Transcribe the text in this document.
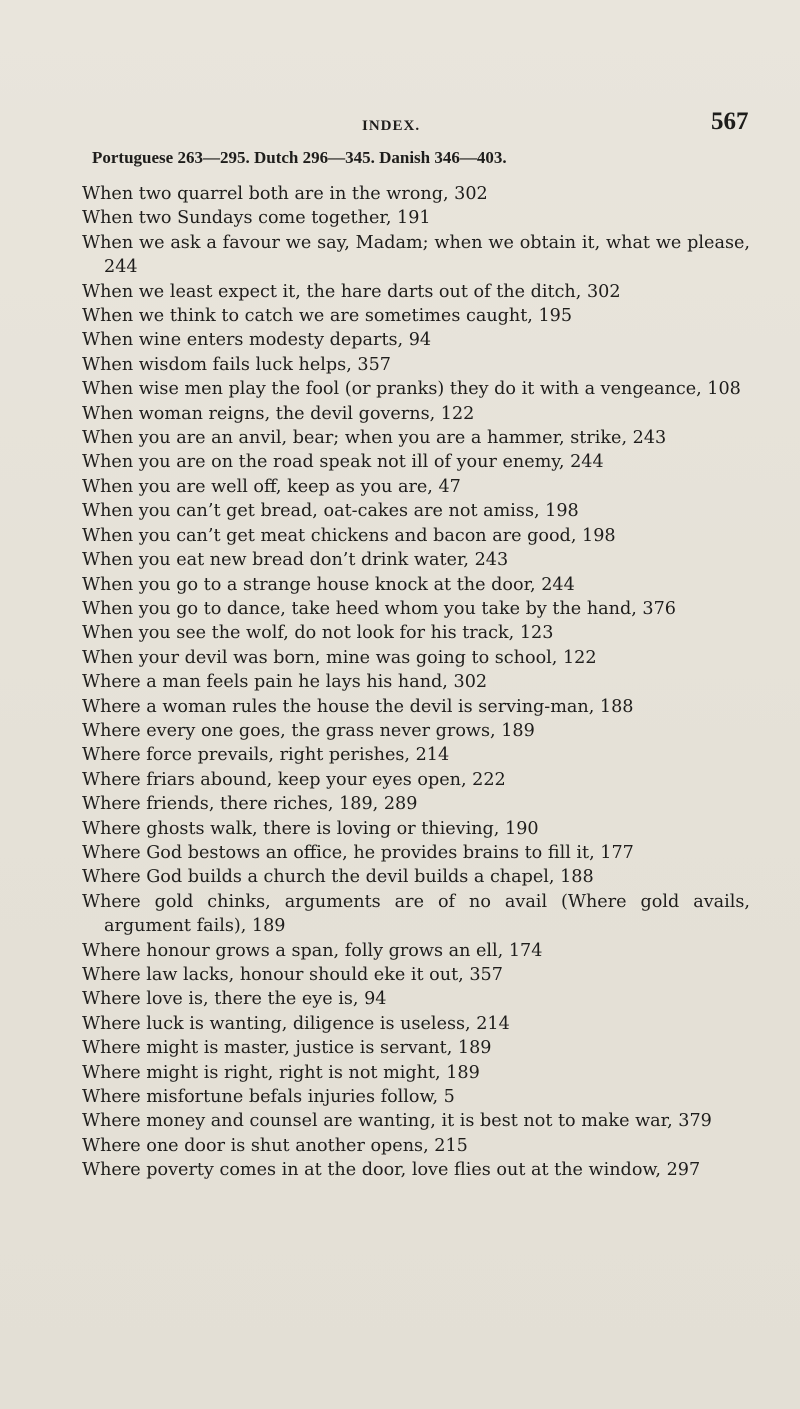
INDEX.	567
Portuguese 263—295. Dutch 296—345. Danish 346—403.
When two quarrel both are in the wrong, 302
When two Sundays come together, 191
When we ask a favour we say, Madam; when we obtain it, what we please, 244
When we least expect it, the hare darts out of the ditch, 302
When we think to catch we are sometimes caught, 195
When wine enters modesty departs, 94
When wisdom fails luck helps, 357
When wise men play the fool (or pranks) they do it with a vengeance, 108
When woman reigns, the devil governs, 122
When you are an anvil, bear; when you are a hammer, strike, 243
When you are on the road speak not ill of your enemy, 244
When you are well off, keep as you are, 47
When you can’t get bread, oat-cakes are not amiss, 198
When you can’t get meat chickens and bacon are good, 198
When you eat new bread don’t drink water, 243
When you go to a strange house knock at the door, 244
When you go to dance, take heed whom you take by the hand, 376
When you see the wolf, do not look for his track, 123
When your devil was born, mine was going to school, 122
Where a man feels pain he lays his hand, 302
Where a woman rules the house the devil is serving-man, 188
Where every one goes, the grass never grows, 189
Where force prevails, right perishes, 214
Where friars abound, keep your eyes open, 222
Where friends, there riches, 189, 289
Where ghosts walk, there is loving or thieving, 190
Where God bestows an office, he provides brains to fill it, 177
Where God builds a church the devil builds a chapel, 188
Where gold chinks, arguments are of no avail (Where gold avails, argument fails), 189
Where honour grows a span, folly grows an ell, 174
Where law lacks, honour should eke it out, 357
Where love is, there the eye is, 94
Where luck is wanting, diligence is useless, 214
Where might is master, justice is servant, 189
Where might is right, right is not might, 189
Where misfortune befals injuries follow, 5
Where money and counsel are wanting, it is best not to make war, 379
Where one door is shut another opens, 215
Where poverty comes in at the door, love flies out at the window, 297
